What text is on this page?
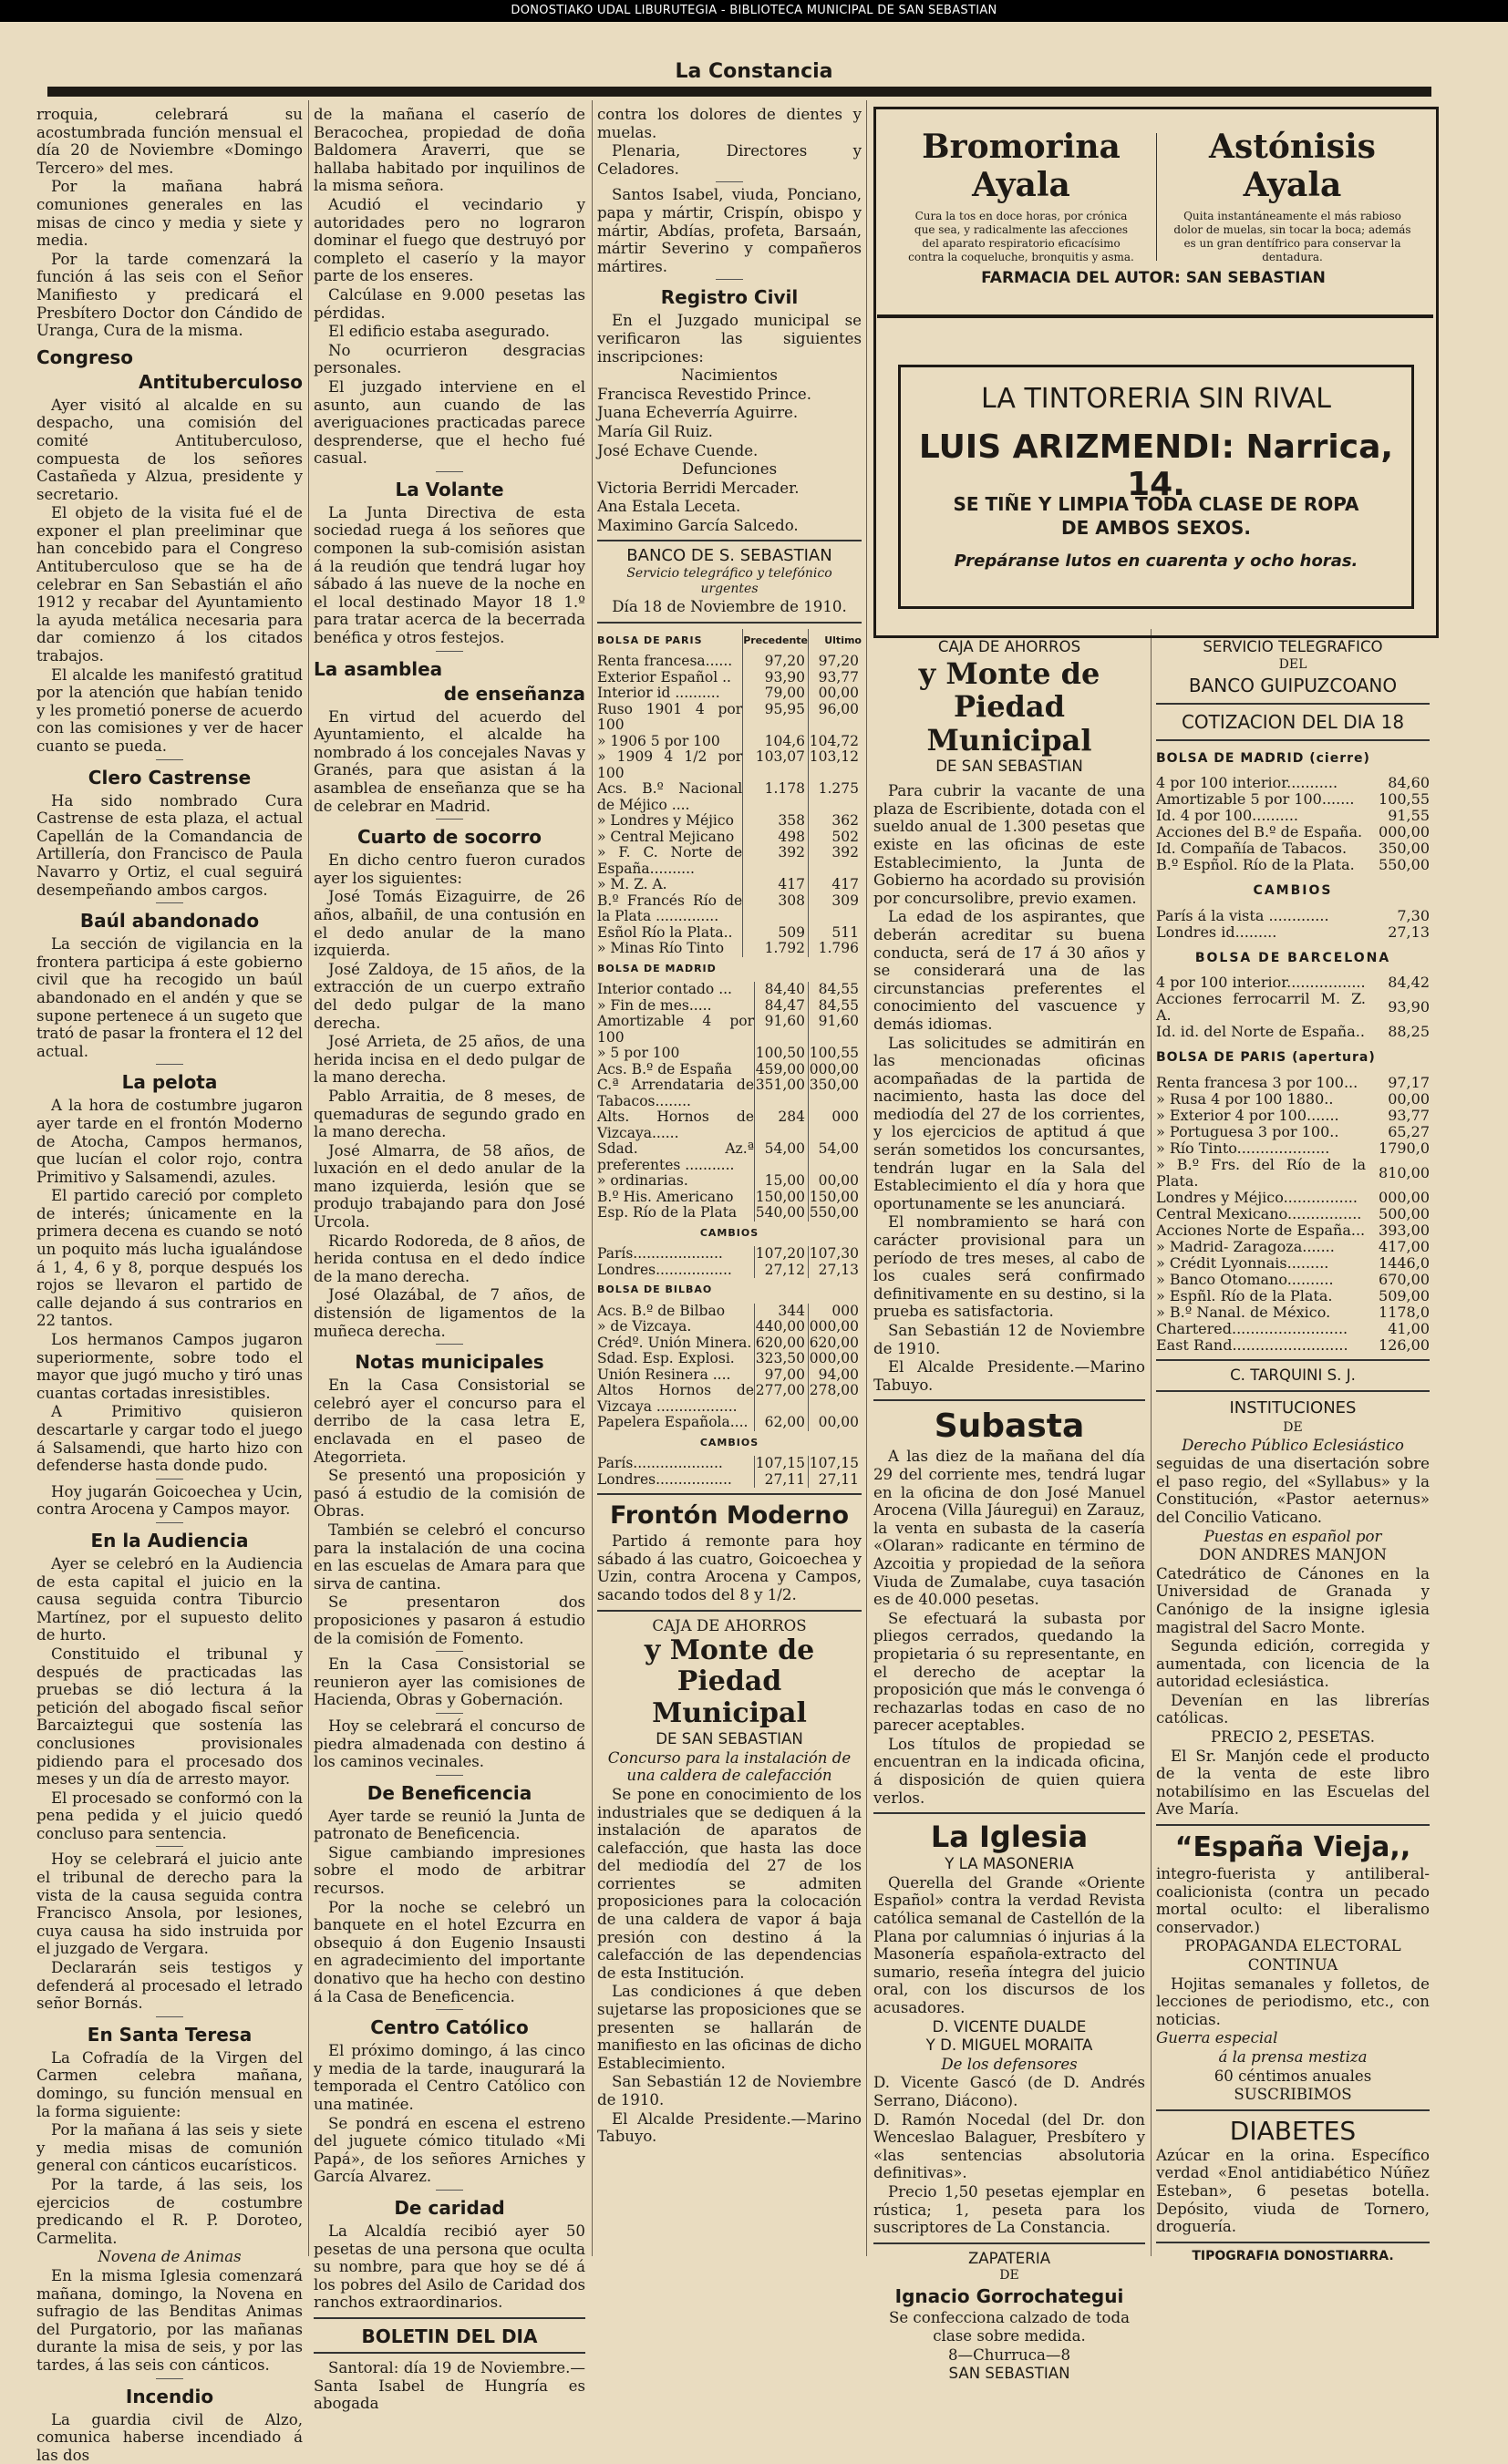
DONOSTIAKO UDAL LIBURUTEGIA - BIBLIOTECA MUNICIPAL DE SAN SEBASTIAN
La Constancia

rroquia, celebrará su acostumbrada función mensual el día 20 de Noviembre «Domingo Tercero» del mes.

Por la mañana habrá comuniones generales en las misas de cinco y media y siete y media.

Por la tarde comenzará la función á las seis con el Señor Manifiesto y predicará el Presbítero Doctor don Cándido de Uranga, Cura de la misma.

Congreso
Antituberculoso

Ayer visitó al alcalde en su despacho, una comisión del comité Antituberculoso, compuesta de los señores Castañeda y Alzua, presidente y secretario.

El objeto de la visita fué el de exponer el plan preeliminar que han concebido para el Congreso Antituberculoso que se ha de celebrar en San Sebastián el año 1912 y recabar del Ayuntamiento la ayuda metálica necesaria para dar comienzo á los citados trabajos.

El alcalde les manifestó gratitud por la atención que habían tenido y les prometió ponerse de acuerdo con las comisiones y ver de hacer cuanto se pueda.

Clero Castrense

Ha sido nombrado Cura Castrense de esta plaza, el actual Capellán de la Comandancia de Artillería, don Francisco de Paula Navarro y Ortiz, el cual seguirá desempeñando ambos cargos.

Baúl abandonado

La sección de vigilancia en la frontera participa á este gobierno civil que ha recogido un baúl abandonado en el andén y que se supone pertenece á un sugeto que trató de pasar la frontera el 12 del actual.

La pelota

A la hora de costumbre jugaron ayer tarde en el frontón Moderno de Atocha, Campos hermanos, que lucían el color rojo, contra Primitivo y Salsamendi, azules.

El partido careció por completo de interés; únicamente en la primera decena es cuando se notó un poquito más lucha igualándose á 1, 4, 6 y 8, porque después los rojos se llevaron el partido de calle dejando á sus contrarios en 22 tantos.

Los hermanos Campos jugaron superiormente, sobre todo el mayor que jugó mucho y tiró unas cuantas cortadas inresistibles.

A Primitivo quisieron descartarle y cargar todo el juego á Salsamendi, que harto hizo con defenderse hasta donde pudo.

Hoy jugarán Goicoechea y Ucin, contra Arocena y Campos mayor.

En la Audiencia

Ayer se celebró en la Audiencia de esta capital el juicio en la causa seguida contra Tiburcio Martínez, por el supuesto delito de hurto.

Constituido el tribunal y después de practicadas las pruebas se dió lectura á la petición del abogado fiscal señor Barcaiztegui que sostenía las conclusiones provisionales pidiendo para el procesado dos meses y un día de arresto mayor.

El procesado se conformó con la pena pedida y el juicio quedó concluso para sentencia.

Hoy se celebrará el juicio ante el tribunal de derecho para la vista de la causa seguida contra Francisco Ansola, por lesiones, cuya causa ha sido instruida por el juzgado de Vergara.

Declararán seis testigos y defenderá al procesado el letrado señor Bornás.

En Santa Teresa

La Cofradía de la Virgen del Carmen celebra mañana, domingo, su función mensual en la forma siguiente:

Por la mañana á las seis y siete y media misas de comunión general con cánticos eucarísticos.

Por la tarde, á las seis, los ejercicios de costumbre predicando el R. P. Doroteo, Carmelita.

Novena de Animas

En la misma Iglesia comenzará mañana, domingo, la Novena en sufragio de las Benditas Animas del Purgatorio, por las mañanas durante la misa de seis, y por las tardes, á las seis con cánticos.

Incendio

La guardia civil de Alzo, comunica haberse incendiado á las dos

de la mañana el caserío de Beracochea, propiedad de doña Baldomera Araverri, que se hallaba habitado por inquilinos de la misma señora.

Acudió el vecindario y autoridades pero no lograron dominar el fuego que destruyó por completo el caserío y la mayor parte de los enseres.

Calcúlase en 9.000 pesetas las pérdidas.

El edificio estaba asegurado.

No ocurrieron desgracias personales.

El juzgado interviene en el asunto, aun cuando de las averiguaciones practicadas parece desprenderse, que el hecho fué casual.

La Volante

La Junta Directiva de esta sociedad ruega á los señores que componen la sub-comisión asistan á la reudión que tendrá lugar hoy sábado á las nueve de la noche en el local destinado Mayor 18 1.º para tratar acerca de la becerrada benéfica y otros festejos.

La asamblea
de enseñanza

En virtud del acuerdo del Ayuntamiento, el alcalde ha nombrado á los concejales Navas y Granés, para que asistan á la asamblea de enseñanza que se ha de celebrar en Madrid.

Cuarto de socorro

En dicho centro fueron curados ayer los siguientes:

José Tomás Eizaguirre, de 26 años, albañil, de una contusión en el dedo anular de la mano izquierda.

José Zaldoya, de 15 años, de la extracción de un cuerpo extraño del dedo pulgar de la mano derecha.

José Arrieta, de 25 años, de una herida incisa en el dedo pulgar de la mano derecha.

Pablo Arraitia, de 8 meses, de quemaduras de segundo grado en la mano derecha.

José Almarra, de 58 años, de luxación en el dedo anular de la mano izquierda, lesión que se produjo trabajando para don José Urcola.

Ricardo Rodoreda, de 8 años, de herida contusa en el dedo índice de la mano derecha.

José Olazábal, de 7 años, de distensión de ligamentos de la muñeca derecha.

Notas municipales

En la Casa Consistorial se celebró ayer el concurso para el derribo de la casa letra E, enclavada en el paseo de Ategorrieta.

Se presentó una proposición y pasó á estudio de la comisión de Obras.

También se celebró el concurso para la instalación de una cocina en las escuelas de Amara para que sirva de cantina.

Se presentaron dos proposiciones y pasaron á estudio de la comisión de Fomento.

En la Casa Consistorial se reunieron ayer las comisiones de Hacienda, Obras y Gobernación.

Hoy se celebrará el concurso de piedra almadenada con destino á los caminos vecinales.

De Beneficencia

Ayer tarde se reunió la Junta de patronato de Beneficencia.

Sigue cambiando impresiones sobre el modo de arbitrar recursos.

Por la noche se celebró un banquete en el hotel Ezcurra en obsequio á don Eugenio Insausti en agradecimiento del importante donativo que ha hecho con destino á la Casa de Beneficencia.

Centro Católico

El próximo domingo, á las cinco y media de la tarde, inaugurará la temporada el Centro Católico con una matinée.

Se pondrá en escena el estreno del juguete cómico titulado «Mi Papá», de los señores Arniches y García Alvarez.

De caridad

La Alcaldía recibió ayer 50 pesetas de una persona que oculta su nombre, para que hoy se dé á los pobres del Asilo de Caridad dos ranchos extraordinarios.

BOLETIN DEL DIA

Santoral: día 19 de Noviembre.— Santa Isabel de Hungría es abogada

contra los dolores de dientes y muelas.

Plenaria, Directores y Celadores.

Santos Isabel, viuda, Ponciano, papa y mártir, Crispín, obispo y mártir, Abdías, profeta, Barsaán, mártir Severino y compañeros mártires.

Registro Civil

En el Juzgado municipal se verificaron las siguientes inscripciones:

Nacimientos

Francisca Revestido Prince.

Juana Echeverría Aguirre.

María Gil Ruiz.

José Echave Cuende.

Defunciones

Victoria Berridi Mercader.

Ana Estala Leceta.

Maximino García Salcedo.

BANCO DE S. SEBASTIAN

Servicio telegráfico y telefónico urgentes

Día 18 de Noviembre de 1910.

BOLSA DE PARIS	Precedente	Ultimo
Renta francesa......	97,20	97,20
Exterior Español ..	93,90	93,77
Interior id ..........	79,00	00,00
Ruso 1901 4 por 100	95,95	96,00
» 1906 5 por 100	104,6	104,72
» 1909 4 1/2 por 100	103,07	103,12
Acs. B.º Nacional de Méjico ....	1.178	1.275
» Londres y Méjico	358	362
» Central Mejicano	498	502
» F. C. Norte de España..........	392	392
» M. Z. A.	417	417
B.º Francés Río de la Plata ..............	308	309
Esñol Río la Plata..	509	511
» Minas Río Tinto	1.792	1.796
BOLSA DE MADRID		
Interior contado ...	84,40	84,55
» Fin de mes.....	84,47	84,55
Amortizable 4 por 100	91,60	91,60
» 5 por 100	100,50	100,55
Acs. B.º de España	459,00	000,00
C.ª Arrendataria de Tabacos........	351,00	350,00
Alts. Hornos de Vizcaya......	284	000
Sdad. Az.ª preferentes ...........	54,00	54,00
» ordinarias.	15,00	00,00
B.º His. Americano	150,00	150,00
Esp. Río de la Plata	540,00	550,00
CAMBIOS		
París....................	107,20	107,30
Londres.................	27,12	27,13
BOLSA DE BILBAO		
Acs. B.º de Bilbao	344	000
» de Vizcaya.	440,00	000,00
Crédº. Unión Minera.	620,00	620,00
Sdad. Esp. Explosi.	323,50	000,00
Unión Resinera ....	97,00	94,00
Altos Hornos de Vizcaya ..................	277,00	278,00
Papelera Española....	62,00	00,00
CAMBIOS		
París....................	107,15	107,15
Londres.................	27,11	27,11

Frontón Moderno

Partido á remonte para hoy sábado á las cuatro, Goicoechea y Uzin, contra Arocena y Campos, sacando todos del 8 y 1/2.

CAJA DE AHORROS

y Monte de Piedad

Municipal

DE SAN SEBASTIAN

Concurso para la instalación de una caldera de calefacción

Se pone en conocimiento de los industriales que se dediquen á la instalación de aparatos de calefacción, que hasta las doce del mediodía del 27 de los corrientes se admiten proposiciones para la colocación de una caldera de vapor á baja presión con destino á la calefacción de las dependencias de esta Institución.

Las condiciones á que deben sujetarse las proposiciones que se presenten se hallarán de manifiesto en las oficinas de dicho Establecimiento.

San Sebastián 12 de Noviembre de 1910.

El Alcalde Presidente.—Marino Tabuyo.

Bromorina Ayala
Cura la tos en doce horas, por crónica que sea, y radicalmente las afecciones del aparato respiratorio eficacísimo contra la coqueluche, bronquitis y asma.
Astónisis Ayala
Quita instantáneamente el más rabioso dolor de muelas, sin tocar la boca; además es un gran dentífrico para conservar la dentadura.
FARMACIA DEL AUTOR: SAN SEBASTIAN
LA TINTORERIA SIN RIVAL
LUIS ARIZMENDI: Narrica, 14.
SE TIÑE Y LIMPIA TODA CLASE DE ROPA DE AMBOS SEXOS.
Prepáranse lutos en cuarenta y ocho horas.

CAJA DE AHORROS

y Monte de Piedad

Municipal

DE SAN SEBASTIAN

Para cubrir la vacante de una plaza de Escribiente, dotada con el sueldo anual de 1.300 pesetas que existe en las oficinas de este Establecimiento, la Junta de Gobierno ha acordado su provisión por concursolibre, previo examen.

La edad de los aspirantes, que deberán acreditar su buena conducta, será de 17 á 30 años y se considerará una de las circunstancias preferentes el conocimiento del vascuence y demás idiomas.

Las solicitudes se admitirán en las mencionadas oficinas acompañadas de la partida de nacimiento, hasta las doce del mediodía del 27 de los corrientes, y los ejercicios de aptitud á que serán sometidos los concursantes, tendrán lugar en la Sala del Establecimiento el día y hora que oportunamente se les anunciará.

El nombramiento se hará con carácter provisional para un período de tres meses, al cabo de los cuales será confirmado definitivamente en su destino, si la prueba es satisfactoria.

San Sebastián 12 de Noviembre de 1910.

El Alcalde Presidente.—Marino Tabuyo.

Subasta

A las diez de la mañana del día 29 del corriente mes, tendrá lugar en la oficina de don José Manuel Arocena (Villa Jáuregui) en Zarauz, la venta en subasta de la casería «Olaran» radicante en término de Azcoitia y propiedad de la señora Viuda de Zumalabe, cuya tasación es de 40.000 pesetas.

Se efectuará la subasta por pliegos cerrados, quedando la propietaria ó su representante, en el derecho de aceptar la proposición que más le convenga ó rechazarlas todas en caso de no parecer aceptables.

Los títulos de propiedad se encuentran en la indicada oficina, á disposición de quien quiera verlos.

La Iglesia

Y LA MASONERIA

Querella del Grande «Oriente Español» contra la verdad Revista católica semanal de Castellón de la Plana por calumnias ó injurias á la Masonería española-extracto del sumario, reseña íntegra del juicio oral, con los discursos de los acusadores.

D. VICENTE DUALDE

Y D. MIGUEL MORAITA

De los defensores

D. Vicente Gascó (de D. Andrés Serrano, Diácono).

D. Ramón Nocedal (del Dr. don Wenceslao Balaguer, Presbítero y «las sentencias absolutoria definitivas».

Precio 1,50 pesetas ejemplar en rústica; 1, peseta para los suscriptores de La Constancia.

ZAPATERIA

DE

Ignacio Gorrochategui

Se confecciona calzado de toda clase sobre medida.

8—Churruca—8

SAN SEBASTIAN

SERVICIO TELEGRAFICO

DEL

BANCO GUIPUZCOANO

COTIZACION DEL DIA 18

BOLSA DE MADRID (cierre)
4 por 100 interior...........	84,60
Amortizable 5 por 100.......	100,55
Id. 4 por 100..........	91,55
Acciones del B.º de España.	000,00
Id. Compañía de Tabacos.	350,00
B.º Espñol. Río de la Plata.	550,00
CAMBIOS
París á la vista .............	7,30
Londres id.........	27,13
BOLSA DE BARCELONA
4 por 100 interior.................	84,42
Acciones ferrocarril M. Z. A.	93,90
Id. id. del Norte de España..	88,25
BOLSA DE PARIS (apertura)
Renta francesa 3 por 100...	97,17
» Rusa 4 por 100 1880..	00,00
» Exterior 4 por 100.......	93,77
» Portuguesa 3 por 100..	65,27
» Río Tinto....................	1790,0
» B.º Frs. del Río de la Plata.	810,00
Londres y Méjico................	000,00
Central Mexicano................	500,00
Acciones Norte de España...	393,00
» Madrid- Zaragoza.......	417,00
» Crédit Lyonnais.........	1446,0
» Banco Otomano..........	670,00
» Espñl. Río de la Plata.	509,00
» B.º Nanal. de México.	1178,0
Chartered.........................	41,00
East Rand.........................	126,00

C. TARQUINI S. J.

INSTITUCIONES

DE

Derecho Público Eclesiástico

seguidas de una disertación sobre el paso regio, del «Syllabus» y la Constitución, «Pastor aeternus» del Concilio Vaticano.

Puestas en español por

DON ANDRES MANJON

Catedrático de Cánones en la Universidad de Granada y Canónigo de la insigne iglesia magistral del Sacro Monte.

Segunda edición, corregida y aumentada, con licencia de la autoridad eclesiástica.

Devenían en las librerías católicas.

PRECIO 2, PESETAS.

El Sr. Manjón cede el producto de la venta de este libro notabilísimo en las Escuelas del Ave María.

“España Vieja,,

integro-fuerista y antiliberal-coalicionista (contra un pecado mortal oculto: el liberalismo conservador.)

PROPAGANDA ELECTORAL

CONTINUA

Hojitas semanales y folletos, de lecciones de periodismo, etc., con noticias.

Guerra especial

á la prensa mestiza

60 céntimos anuales

SUSCRIBIMOS

DIABETES

Azúcar en la orina. Específico verdad «Enol antidiabético Núñez Esteban», 6 pesetas botella. Depósito, viuda de Tornero, droguería.

TIPOGRAFIA DONOSTIARRA.
